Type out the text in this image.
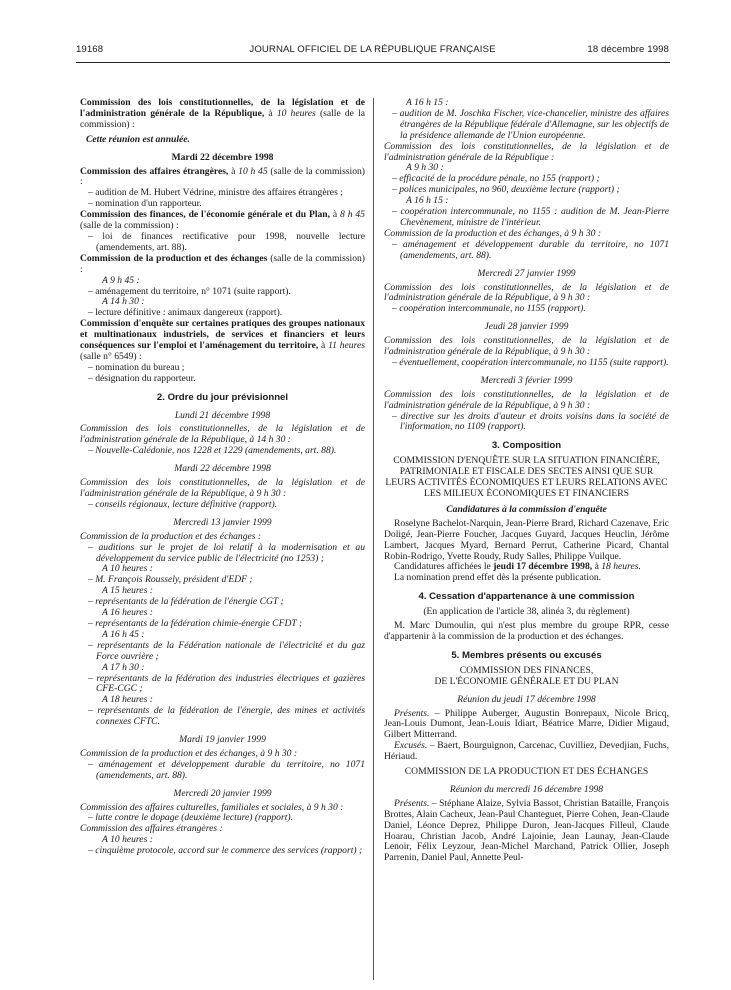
19168	JOURNAL OFFICIEL DE LA RÉPUBLIQUE FRANÇAISE	18 décembre 1998

Commission des lois constitutionnelles, de la législation et de l'administration générale de la République, à 10 heures (salle de la commission) :

Cette réunion est annulée.

Mardi 22 décembre 1998

Commission des affaires étrangères, à 10 h 45 (salle de la commission) :

– audition de M. Hubert Védrine, ministre des affaires étrangères ;

– nomination d'un rapporteur.

Commission des finances, de l'économie générale et du Plan, à 8 h 45 (salle de la commission) :

– loi de finances rectificative pour 1998, nouvelle lecture (amendements, art. 88).

Commission de la production et des échanges (salle de la commission) :

A 9 h 45 :

– aménagement du territoire, n° 1071 (suite rapport).

A 14 h 30 :

– lecture définitive : animaux dangereux (rapport).

Commission d'enquête sur certaines pratiques des groupes nationaux et multinationaux industriels, de services et financiers et leurs conséquences sur l'emploi et l'aménagement du territoire, à 11 heures (salle n° 6549) :

– nomination du bureau ;

– désignation du rapporteur.

2. Ordre du jour prévisionnel

Lundi 21 décembre 1998

Commission des lois constitutionnelles, de la législation et de l'administration générale de la République, à 14 h 30 :

– Nouvelle-Calédonie, nos 1228 et 1229 (amendements, art. 88).

Mardi 22 décembre 1998

Commission des lois constitutionnelles, de la législation et de l'administration générale de la République, à 9 h 30 :

– conseils régionaux, lecture définitive (rapport).

Mercredi 13 janvier 1999

Commission de la production et des échanges :

– auditions sur le projet de loi relatif à la modernisation et au développement du service public de l'électricité (no 1253) ;

A 10 heures :

– M. François Roussely, président d'EDF ;

A 15 heures :

– représentants de la fédération de l'énergie CGT ;

A 16 heures :

– représentants de la fédération chimie-énergie CFDT ;

A 16 h 45 :

– représentants de la Fédération nationale de l'électricité et du gaz Force ouvrière ;

A 17 h 30 :

– représentants de la fédération des industries électriques et gazières CFE-CGC ;

A 18 heures :

– représentants de la fédération de l'énergie, des mines et activités connexes CFTC.

Mardi 19 janvier 1999

Commission de la production et des échanges, à 9 h 30 :

– aménagement et développement durable du territoire, no 1071 (amendements, art. 88).

Mercredi 20 janvier 1999

Commission des affaires culturelles, familiales et sociales, à 9 h 30 :

– lutte contre le dopage (deuxième lecture) (rapport).

Commission des affaires étrangères :

A 10 heures :

– cinquième protocole, accord sur le commerce des services (rapport) ;

A 16 h 15 :

– audition de M. Joschka Fischer, vice-chancelier, ministre des affaires étrangères de la République fédérale d'Allemagne, sur les objectifs de la présidence allemande de l'Union européenne.

Commission des lois constitutionnelles, de la législation et de l'administration générale de la République :

A 9 h 30 :

– efficacité de la procédure pénale, no 155 (rapport) ;

– polices municipales, no 960, deuxième lecture (rapport) ;

A 16 h 15 :

– coopération intercommunale, no 1155 : audition de M. Jean-Pierre Chevènement, ministre de l'intérieur.

Commission de la production et des échanges, à 9 h 30 :

– aménagement et développement durable du territoire, no 1071 (amendements, art. 88).

Mercredi 27 janvier 1999

Commission des lois constitutionnelles, de la législation et de l'administration générale de la République, à 9 h 30 :

– coopération intercommunale, no 1155 (rapport).

Jeudi 28 janvier 1999

Commission des lois constitutionnelles, de la législation et de l'administration générale de la République, à 9 h 30 :

– éventuellement, coopération intercommunale, no 1155 (suite rapport).

Mercredi 3 février 1999

Commission des lois constitutionnelles, de la législation et de l'administration générale de la République, à 9 h 30 :

– directive sur les droits d'auteur et droits voisins dans la société de l'information, no 1109 (rapport).

3. Composition

COMMISSION D'ENQUÊTE SUR LA SITUATION FINANCIÈRE, PATRIMONIALE ET FISCALE DES SECTES AINSI QUE SUR LEURS ACTIVITÉS ÉCONOMIQUES ET LEURS RELATIONS AVEC LES MILIEUX ÉCONOMIQUES ET FINANCIERS

Candidatures à la commission d'enquête

Roselyne Bachelot-Narquin, Jean-Pierre Brard, Richard Cazenave, Eric Doligé, Jean-Pierre Foucher, Jacques Guyard, Jacques Heuclin, Jérôme Lambert, Jacques Myard, Bernard Perrut, Catherine Picard, Chantal Robin-Rodrigo, Yvette Roudy, Rudy Salles, Philippe Vuilque.

Candidatures affichées le jeudi 17 décembre 1998, à 18 heures.

La nomination prend effet dès la présente publication.

4. Cessation d'appartenance à une commission

(En application de l'article 38, alinéa 3, du règlement)

M. Marc Dumoulin, qui n'est plus membre du groupe RPR, cesse d'appartenir à la commission de la production et des échanges.

5. Membres présents ou excusés

COMMISSION DES FINANCES,

DE L'ÉCONOMIE GÉNÉRALE ET DU PLAN

Réunion du jeudi 17 décembre 1998

Présents. – Philippe Auberger, Augustin Bonrepaux, Nicole Bricq, Jean-Louis Dumont, Jean-Louis Idiart, Béatrice Marre, Didier Migaud, Gilbert Mitterrand.

Excusés. – Baert, Bourguignon, Carcenac, Cuvilliez, Devedjian, Fuchs, Hériaud.

COMMISSION DE LA PRODUCTION ET DES ÉCHANGES

Réunion du mercredi 16 décembre 1998

Présents. – Stéphane Alaize, Sylvia Bassot, Christian Bataille, François Brottes, Alain Cacheux, Jean-Paul Chanteguet, Pierre Cohen, Jean-Claude Daniel, Léonce Deprez, Philippe Duron, Jean-Jacques Filleul, Claude Hoarau, Christian Jacob, André Lajoinie, Jean Launay, Jean-Claude Lenoir, Félix Leyzour, Jean-Michel Marchand, Patrick Ollier, Joseph Parrenin, Daniel Paul, Annette Peul-
